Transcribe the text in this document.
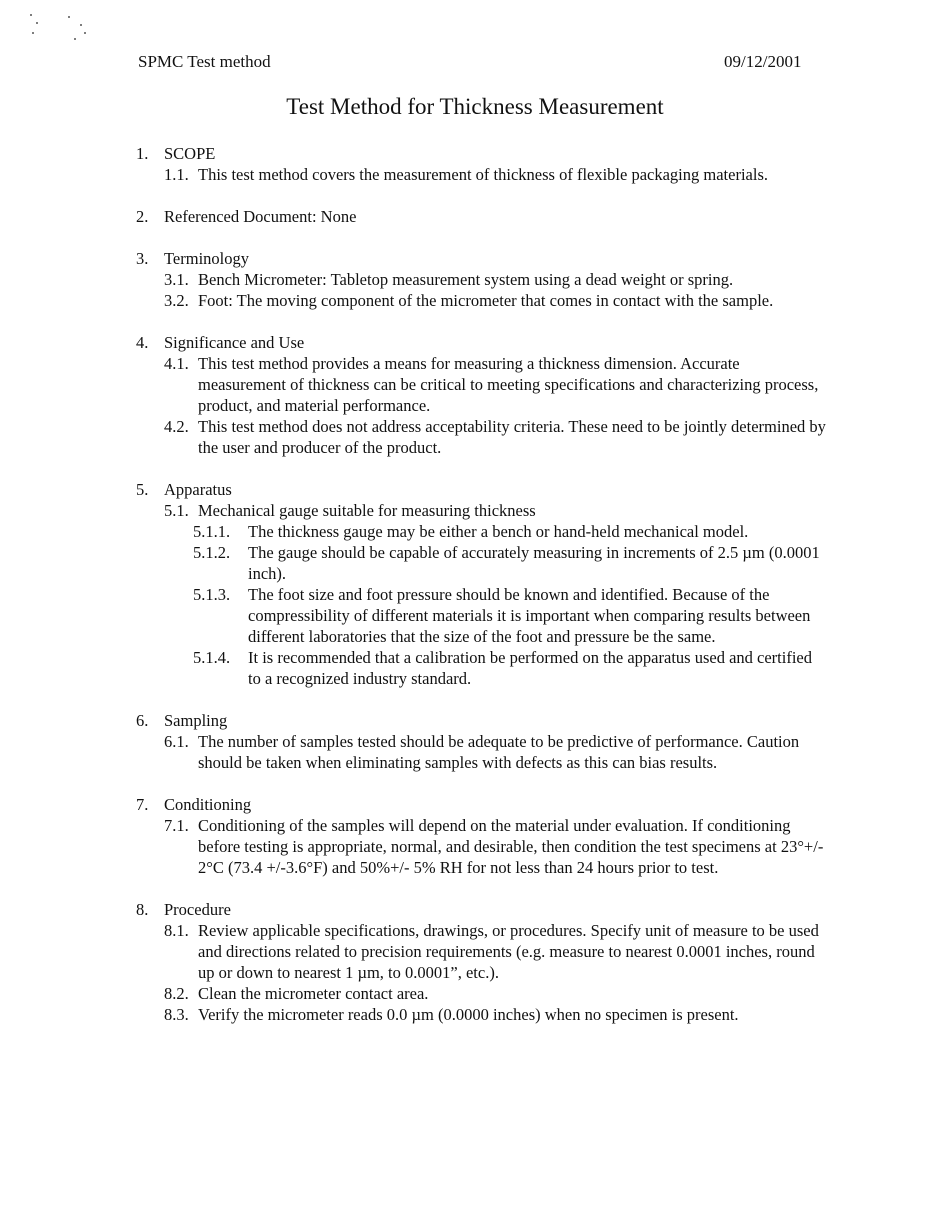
SPMC Test method	09/12/2001
Test Method for Thickness Measurement
1. SCOPE
1.1. This test method covers the measurement of thickness of flexible packaging materials.
2. Referenced Document: None
3. Terminology
3.1. Bench Micrometer: Tabletop measurement system using a dead weight or spring.
3.2. Foot: The moving component of the micrometer that comes in contact with the sample.
4. Significance and Use
4.1. This test method provides a means for measuring a thickness dimension. Accurate measurement of thickness can be critical to meeting specifications and characterizing process, product, and material performance.
4.2. This test method does not address acceptability criteria. These need to be jointly determined by the user and producer of the product.
5. Apparatus
5.1. Mechanical gauge suitable for measuring thickness
5.1.1.	The thickness gauge may be either a bench or hand-held mechanical model.
5.1.2.	The gauge should be capable of accurately measuring in increments of 2.5 µm (0.0001 inch).
5.1.3.	The foot size and foot pressure should be known and identified. Because of the compressibility of different materials it is important when comparing results between different laboratories that the size of the foot and pressure be the same.
5.1.4.	It is recommended that a calibration be performed on the apparatus used and certified to a recognized industry standard.
6. Sampling
6.1. The number of samples tested should be adequate to be predictive of performance. Caution should be taken when eliminating samples with defects as this can bias results.
7. Conditioning
7.1. Conditioning of the samples will depend on the material under evaluation. If conditioning before testing is appropriate, normal, and desirable, then condition the test specimens at 23°+/- 2°C (73.4 +/-3.6°F) and 50%+/- 5% RH for not less than 24 hours prior to test.
8. Procedure
8.1. Review applicable specifications, drawings, or procedures. Specify unit of measure to be used and directions related to precision requirements (e.g. measure to nearest 0.0001 inches, round up or down to nearest 1 µm, to 0.0001”, etc.).
8.2. Clean the micrometer contact area.
8.3. Verify the micrometer reads 0.0 µm (0.0000 inches) when no specimen is present.
